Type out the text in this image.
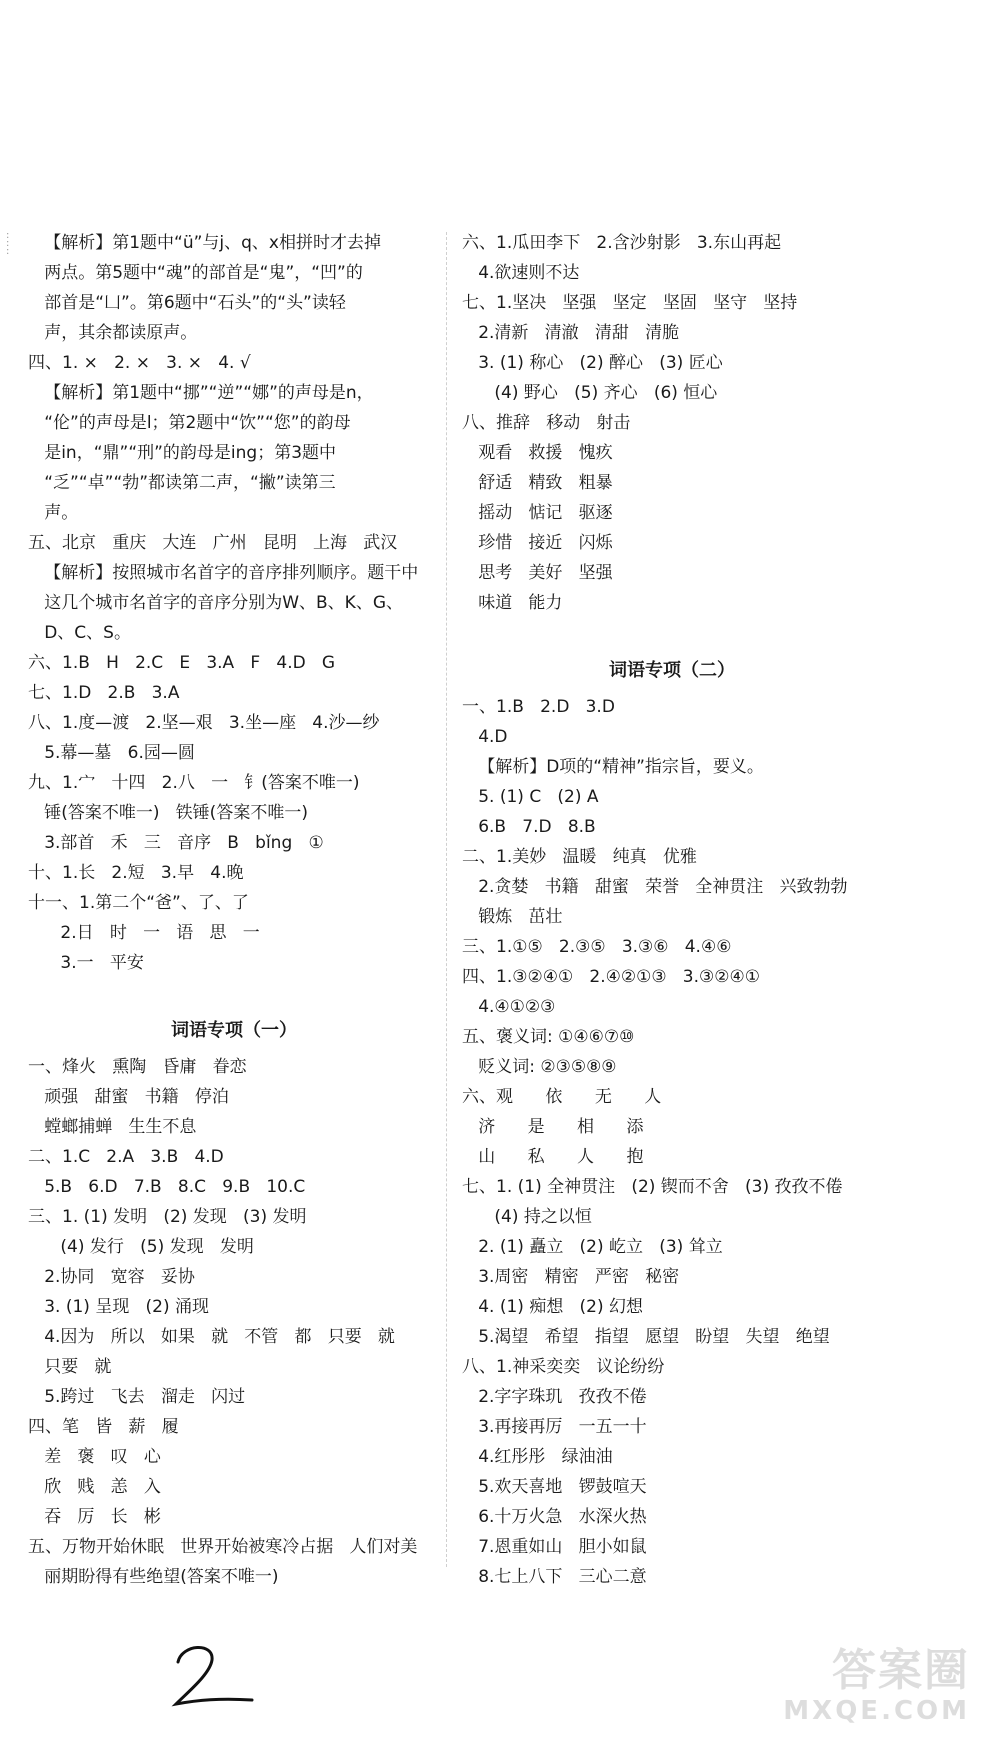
:
:
: 【解析】第1题中“ü”与j、q、x相拼时才去掉
两点。第5题中“魂”的部首是“鬼”，“凹”的
部首是“凵”。第6题中“石头”的“头”读轻
声，其余都读原声。
四、1. ×   2. ×   3. ×   4. √
【解析】第1题中“挪”“逆”“娜”的声母是n，
“伦”的声母是l；第2题中“饮”“您”的韵母
是in，“鼎”“刑”的韵母是ing；第3题中
“乏”“卓”“勃”都读第二声，“撇”读第三
声。
五、北京   重庆   大连   广州   昆明   上海   武汉
【解析】按照城市名首字的音序排列顺序。题干中
这几个城市名首字的音序分别为W、B、K、G、
D、C、S。
六、1.B   H   2.C   E   3.A   F   4.D   G
七、1.D   2.B   3.A
八、1.度—渡   2.坚—艰   3.坐—座   4.沙—纱
5.幕—墓   6.园—圆
九、1.宀   十四   2.八   一   钅(答案不唯一)
锤(答案不唯一)   铁锤(答案不唯一)
3.部首   禾   三   音序   B   bǐng   ①
十、1.长   2.短   3.早   4.晚
十一、1.第二个“爸”、了、了
2.日   时   一   语   思   一
3.一   平安
词语专项（一）
一、烽火   熏陶   昏庸   眷恋
顽强   甜蜜   书籍   停泊
螳螂捕蝉   生生不息
二、1.C   2.A   3.B   4.D
5.B   6.D   7.B   8.C   9.B   10.C
三、1. (1) 发明   (2) 发现   (3) 发明
(4) 发行   (5) 发现   发明
2.协同   宽容   妥协
3. (1) 呈现   (2) 涌现
4.因为   所以   如果   就   不管   都   只要   就
只要   就
5.跨过   飞去   溜走   闪过
四、笔   皆   薪   履
差   褒   叹   心
欣   贱   恙   入
吞   厉   长   彬
五、万物开始休眠   世界开始被寒冷占据   人们对美
丽期盼得有些绝望(答案不唯一)
六、1.瓜田李下   2.含沙射影   3.东山再起
4.欲速则不达
七、1.坚决   坚强   坚定   坚固   坚守   坚持
2.清新   清澈   清甜   清脆
3. (1) 称心   (2) 醉心   (3) 匠心
(4) 野心   (5) 齐心   (6) 恒心
八、推辞   移动   射击
观看   救援   愧疚
舒适   精致   粗暴
摇动   惦记   驱逐
珍惜   接近   闪烁
思考   美好   坚强
味道   能力
词语专项（二）
一、1.B   2.D   3.D
4.D
【解析】D项的“精神”指宗旨，要义。
5. (1) C   (2) A
6.B   7.D   8.B
二、1.美妙   温暖   纯真   优雅
2.贪婪   书籍   甜蜜   荣誉   全神贯注   兴致勃勃
锻炼   茁壮
三、1.①⑤   2.③⑤   3.③⑥   4.④⑥
四、1.③②④①   2.④②①③   3.③②④①
4.④①②③
五、褒义词: ①④⑥⑦⑩
贬义词: ②③⑤⑧⑨
六、观      依      无      人
济      是      相      添
山      私      人      抱
七、1. (1) 全神贯注   (2) 锲而不舍   (3) 孜孜不倦
(4) 持之以恒
2. (1) 矗立   (2) 屹立   (3) 耸立
3.周密   精密   严密   秘密
4. (1) 痴想   (2) 幻想
5.渴望   希望   指望   愿望   盼望   失望   绝望
八、1.神采奕奕   议论纷纷
2.字字珠玑   孜孜不倦
3.再接再厉   一五一十
4.红彤彤   绿油油
5.欢天喜地   锣鼓喧天
6.十万火急   水深火热
7.恩重如山   胆小如鼠
8.七上八下   三心二意
答案圈
MXQE.COM
